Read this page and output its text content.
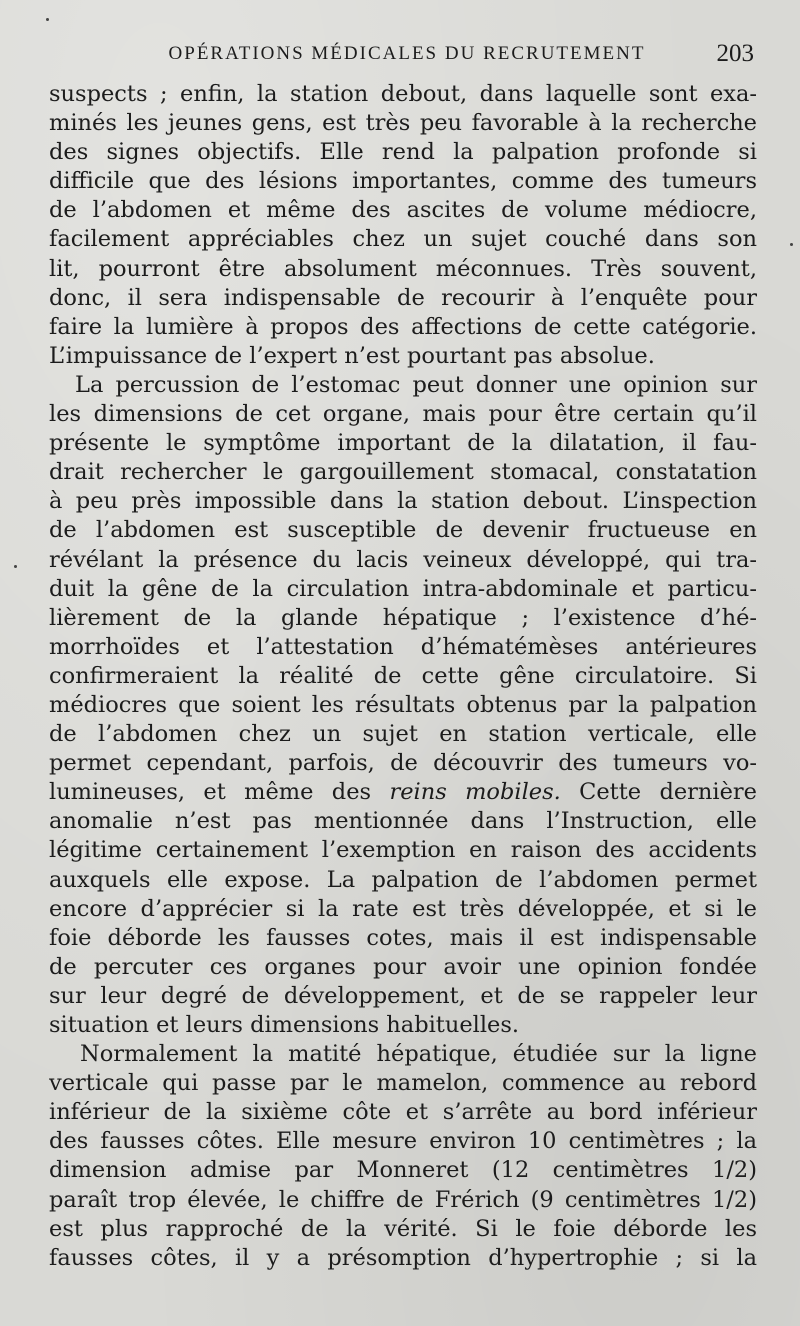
OPÉRATIONS MÉDICALES DU RECRUTEMENT	203
suspects ; enfin, la station debout, dans laquelle sont exa-
minés les jeunes gens, est très peu favorable à la recherche
des signes objectifs. Elle rend la palpation profonde si
difficile que des lésions importantes, comme des tumeurs
de l’abdomen et même des ascites de volume médiocre,
facilement appréciables chez un sujet couché dans son
lit, pourront être absolument méconnues. Très souvent,
donc, il sera indispensable de recourir à l’enquête pour
faire la lumière à propos des affections de cette catégorie.
L’impuissance de l’expert n’est pourtant pas absolue.
La percussion de l’estomac peut donner une opinion sur
les dimensions de cet organe, mais pour être certain qu’il
présente le symptôme important de la dilatation, il fau-
drait rechercher le gargouillement stomacal, constatation
à peu près impossible dans la station debout. L’inspection
de l’abdomen est susceptible de devenir fructueuse en
révélant la présence du lacis veineux développé, qui tra-
duit la gêne de la circulation intra-abdominale et particu-
lièrement de la glande hépatique ; l’existence d’hé-
morrhoïdes et l’attestation d’hématémèses antérieures
confirmeraient la réalité de cette gêne circulatoire. Si
médiocres que soient les résultats obtenus par la palpation
de l’abdomen chez un sujet en station verticale, elle
permet cependant, parfois, de découvrir des tumeurs vo-
lumineuses, et même des reins mobiles. Cette dernière
anomalie n’est pas mentionnée dans l’Instruction, elle
légitime certainement l’exemption en raison des accidents
auxquels elle expose. La palpation de l’abdomen permet
encore d’apprécier si la rate est très développée, et si le
foie déborde les fausses cotes, mais il est indispensable
de percuter ces organes pour avoir une opinion fondée
sur leur degré de développement, et de se rappeler leur
situation et leurs dimensions habituelles.
Normalement la matité hépatique, étudiée sur la ligne
verticale qui passe par le mamelon, commence au rebord
inférieur de la sixième côte et s’arrête au bord inférieur
des fausses côtes. Elle mesure environ 10 centimètres ; la
dimension admise par Monneret (12 centimètres 1/2)
paraît trop élevée, le chiffre de Frérich (9 centimètres 1/2)
est plus rapproché de la vérité. Si le foie déborde les
fausses côtes, il y a présomption d’hypertrophie ; si la
